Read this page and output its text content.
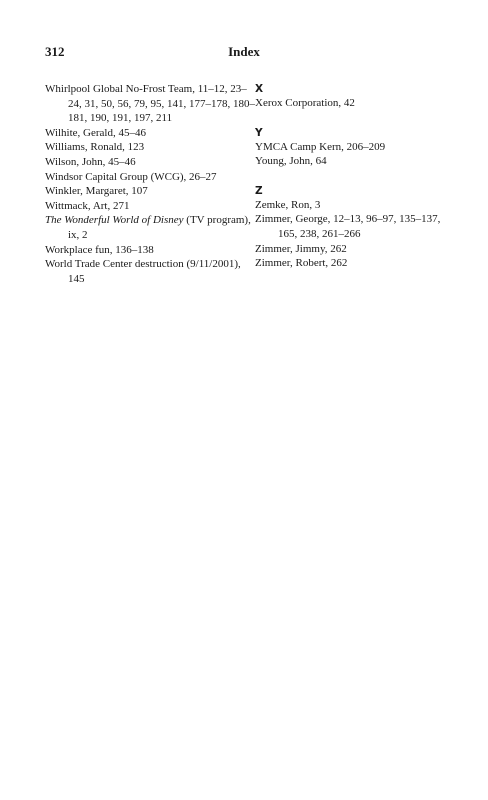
312	Index

Whirlpool Global No-Frost Team, 11–12, 23–24, 31, 50, 56, 79, 95, 141, 177–178, 180–181, 190, 191, 197, 211

Wilhite, Gerald, 45–46

Williams, Ronald, 123

Wilson, John, 45–46

Windsor Capital Group (WCG), 26–27

Winkler, Margaret, 107

Wittmack, Art, 271

The Wonderful World of Disney (TV program), ix, 2

Workplace fun, 136–138

World Trade Center destruction (9/11/2001), 145

X

Xerox Corporation, 42

Y

YMCA Camp Kern, 206–209

Young, John, 64

Z

Zemke, Ron, 3

Zimmer, George, 12–13, 96–97, 135–137, 165, 238, 261–266

Zimmer, Jimmy, 262

Zimmer, Robert, 262
